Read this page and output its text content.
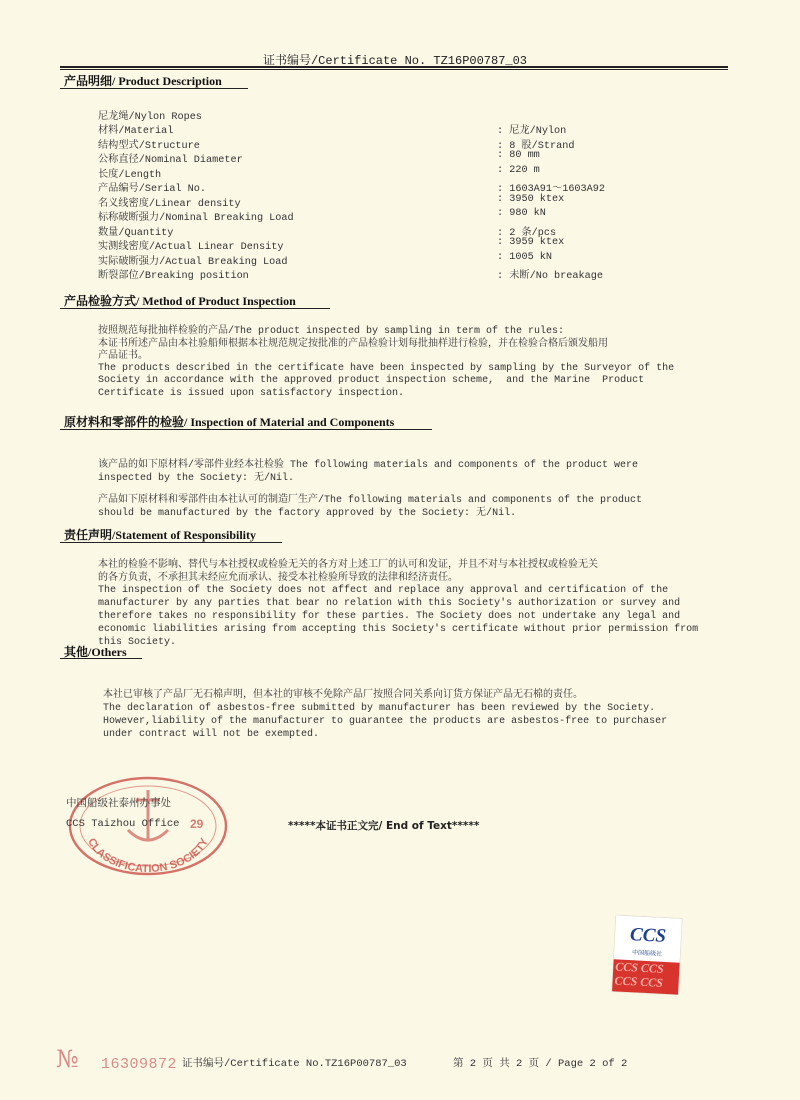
证书编号/Certificate No. TZ16P00787_03
产品明细/ Product Description
尼龙绳/Nylon Ropes
材料/Material	: 尼龙/Nylon
结构型式/Structure	: 8 股/Strand
公称直径/Nominal Diameter	: 80 mm
长度/Length	: 220 m
产品编号/Serial No.	: 1603A91～1603A92
名义线密度/Linear density	: 3950 ktex
标称破断强力/Nominal Breaking Load	: 980 kN
数量/Quantity	: 2 条/pcs
实测线密度/Actual Linear Density	: 3959 ktex
实际破断强力/Actual Breaking Load	: 1005 kN
断裂部位/Breaking position	: 未断/No breakage
产品检验方式/ Method of Product Inspection

按照规范每批抽样检验的产品/The product inspected by sampling in term of the rules:
本证书所述产品由本社验船师根据本社规范规定按批准的产品检验计划每批抽样进行检验，并在检验合格后颁发船用
产品证书。
The products described in the certificate have been inspected by sampling by the Surveyor of the
Society in accordance with the approved product inspection scheme,  and the Marine  Product
Certificate is issued upon satisfactory inspection.

原材料和零部件的检验/ Inspection of Material and Components

该产品的如下原材料/零部件业经本社检验 The following materials and components of the product were
inspected by the Society: 无/Nil.

产品如下原材料和零部件由本社认可的制造厂生产/The following materials and components of the product
should be manufactured by the factory approved by the Society: 无/Nil.

责任声明/Statement of Responsibility

本社的检验不影响、替代与本社授权或检验无关的各方对上述工厂的认可和发证，并且不对与本社授权或检验无关
的各方负责，不承担其未经应允而承认、接受本社检验所导致的法律和经济责任。
The inspection of the Society does not affect and replace any approval and certification of the
manufacturer by any parties that bear no relation with this Society's authorization or survey and
therefore takes no responsibility for these parties. The Society does not undertake any legal and
economic liabilities arising from accepting this Society's certificate without prior permission from
this Society.

其他/Others

本社已审核了产品厂无石棉声明，但本社的审核不免除产品厂按照合同关系向订货方保证产品无石棉的责任。
The declaration of asbestos-free submitted by manufacturer has been reviewed by the Society.
However,liability of the manufacturer to guarantee the products are asbestos-free to purchaser
under contract will not be exempted.

CLASSIFICATION SOCIETY
29
中国船级社泰州办事处
CCS Taizhou Office	*****本证书正文完/ End of Text*****
CCS
中国船级社
CCS CCS
CCS CCS
№ 16309872 证书编号/Certificate No.TZ16P00787_03	第 2 页 共 2 页 / Page 2 of 2
